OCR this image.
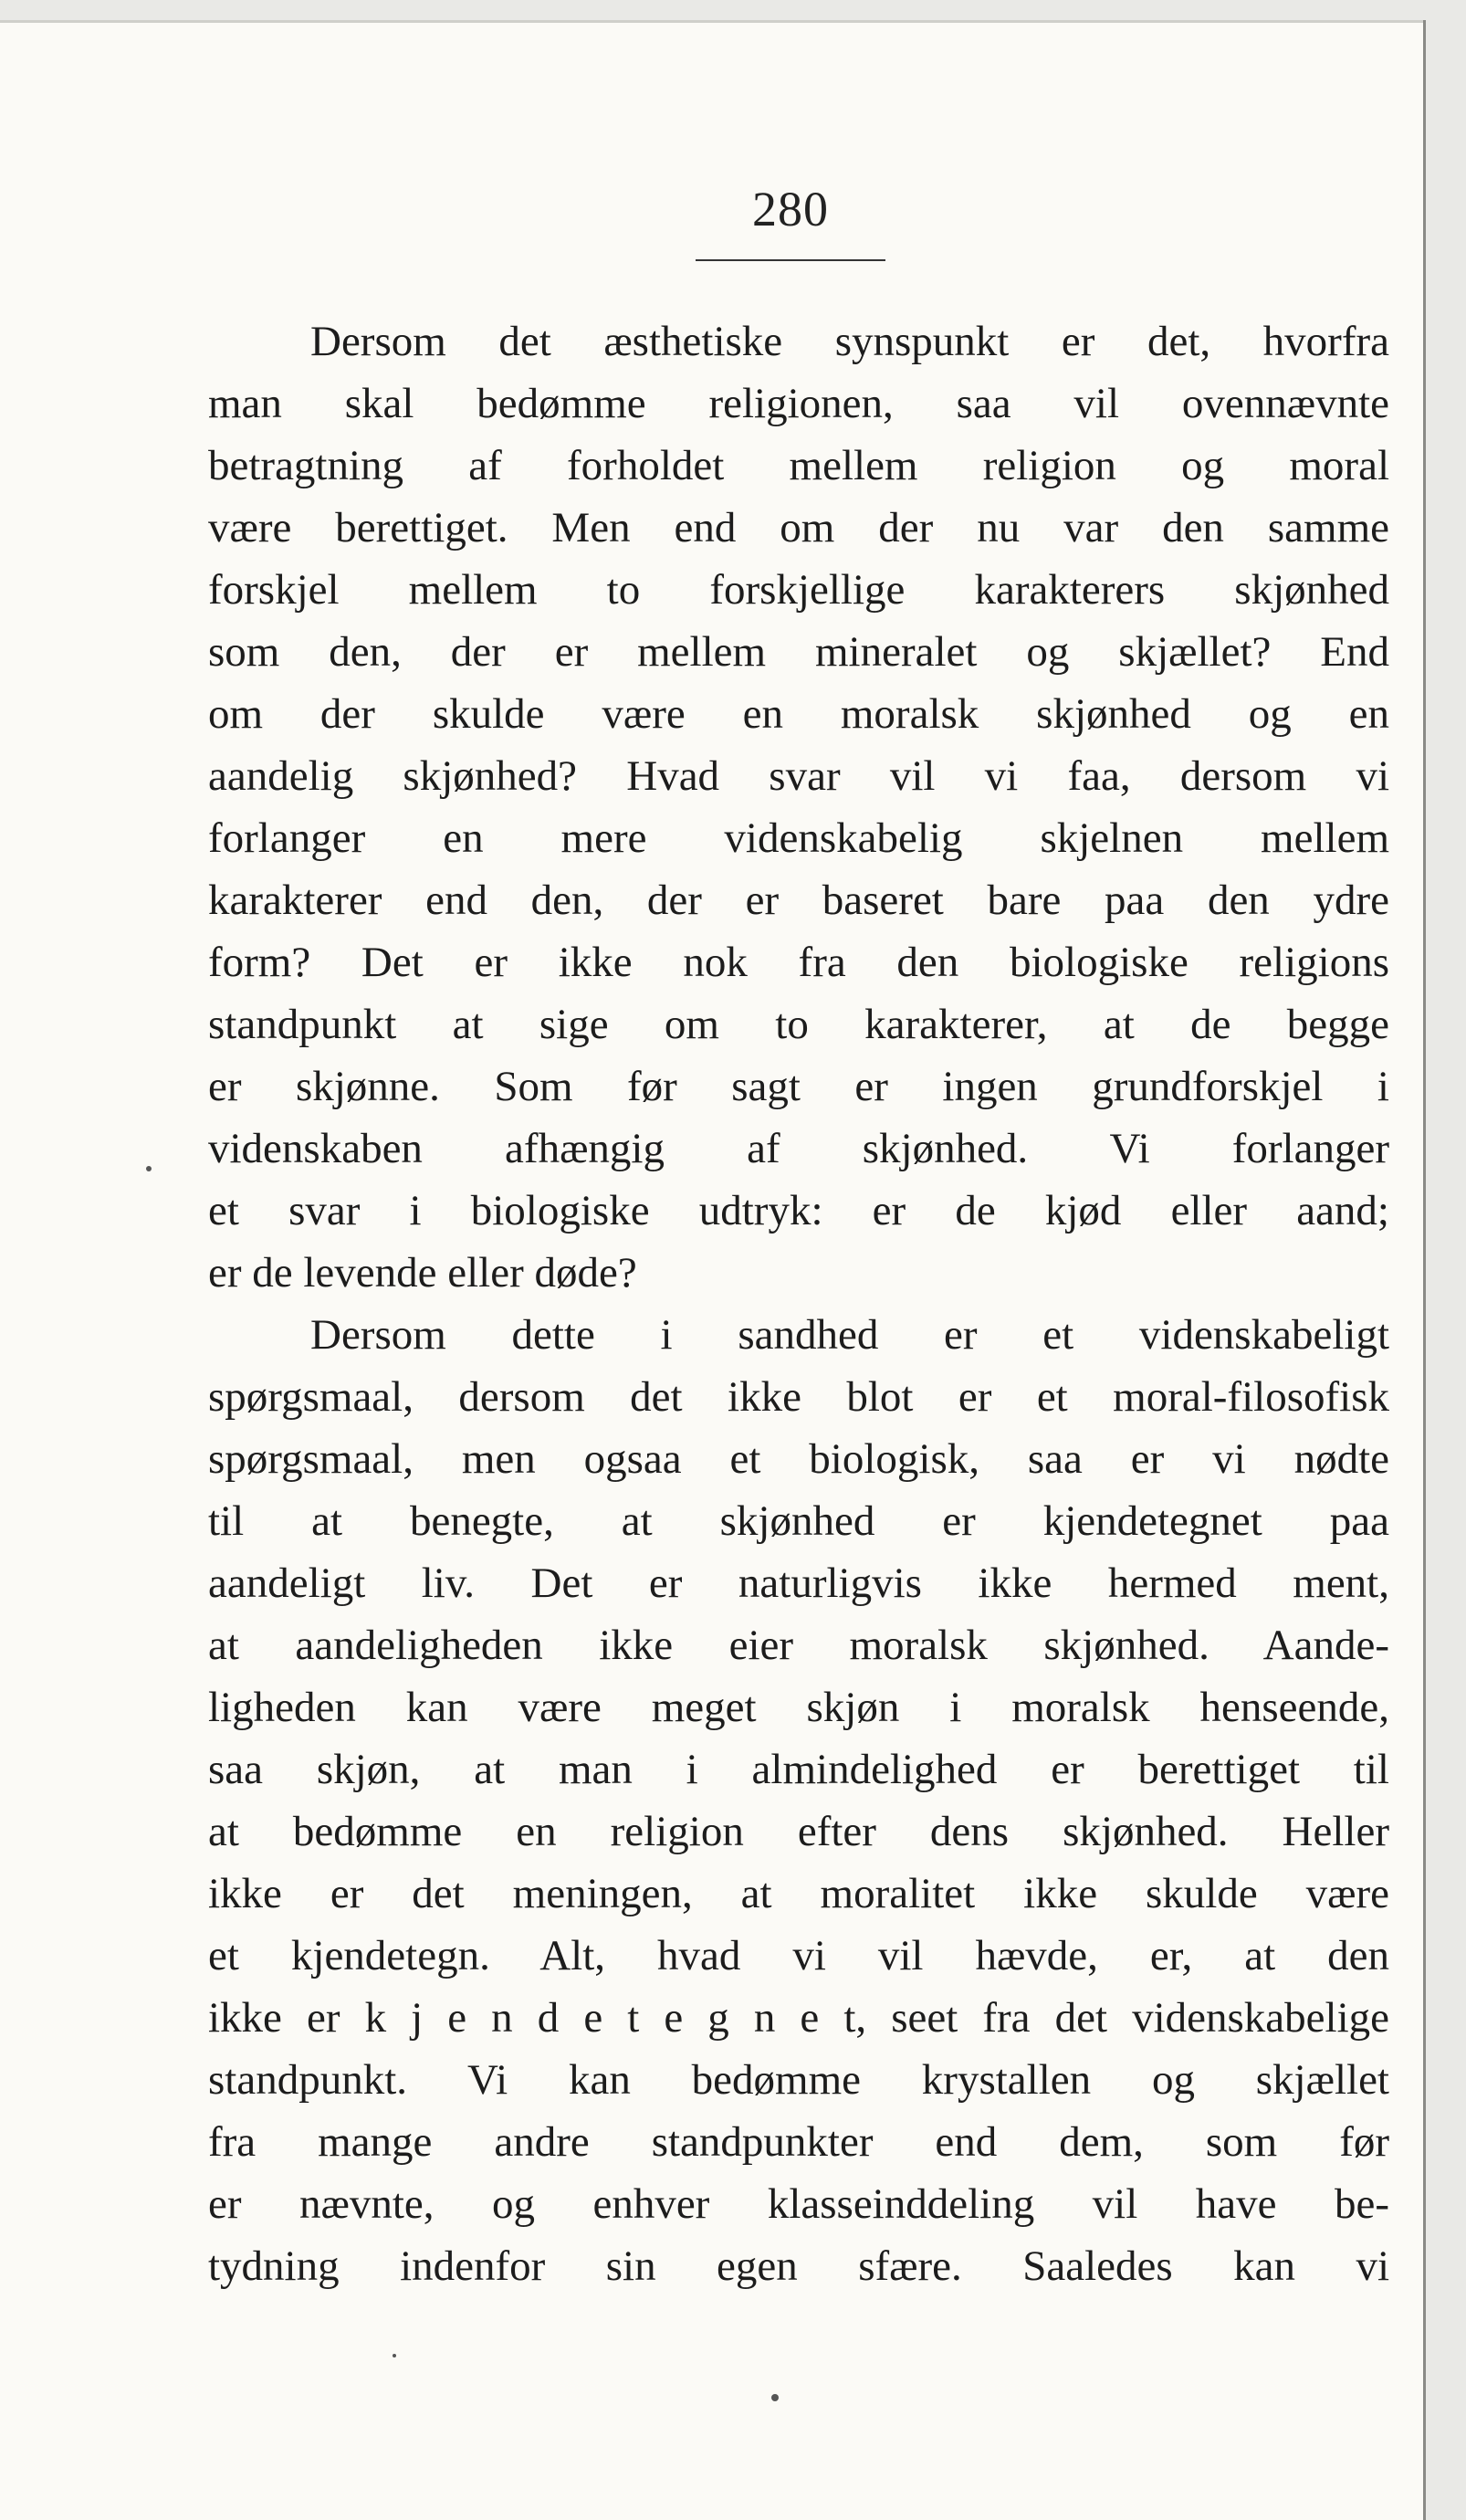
280
Dersom det æsthetiske synspunkt er det, hvorfra
man skal bedømme religionen, saa vil ovennævnte
betragtning af forholdet mellem religion og moral
være berettiget. Men end om der nu var den samme
forskjel mellem to forskjellige karakterers skjønhed
som den, der er mellem mineralet og skjællet? End
om der skulde være en moralsk skjønhed og en
aandelig skjønhed? Hvad svar vil vi faa, dersom vi
forlanger en mere videnskabelig skjelnen mellem
karakterer end den, der er baseret bare paa den ydre
form? Det er ikke nok fra den biologiske religions
standpunkt at sige om to karakterer, at de begge
er skjønne. Som før sagt er ingen grundforskjel i
videnskaben afhængig af skjønhed. Vi forlanger
et svar i biologiske udtryk: er de kjød eller aand;
er de levende eller døde?
Dersom dette i sandhed er et videnskabeligt
spørgsmaal, dersom det ikke blot er et moral-filosofisk
spørgsmaal, men ogsaa et biologisk, saa er vi nødte
til at benegte, at skjønhed er kjendetegnet paa
aandeligt liv. Det er naturligvis ikke hermed ment,
at aandeligheden ikke eier moralsk skjønhed. Aande-
ligheden kan være meget skjøn i moralsk henseende,
saa skjøn, at man i almindelighed er berettiget til
at bedømme en religion efter dens skjønhed. Heller
ikke er det meningen, at moralitet ikke skulde være
et kjendetegn. Alt, hvad vi vil hævde, er, at den
ikke er k j e n d e t e g n e t, seet fra det videnskabelige
standpunkt. Vi kan bedømme krystallen og skjællet
fra mange andre standpunkter end dem, som før
er nævnte, og enhver klasseinddeling vil have be-
tydning indenfor sin egen sfære. Saaledes kan vi
